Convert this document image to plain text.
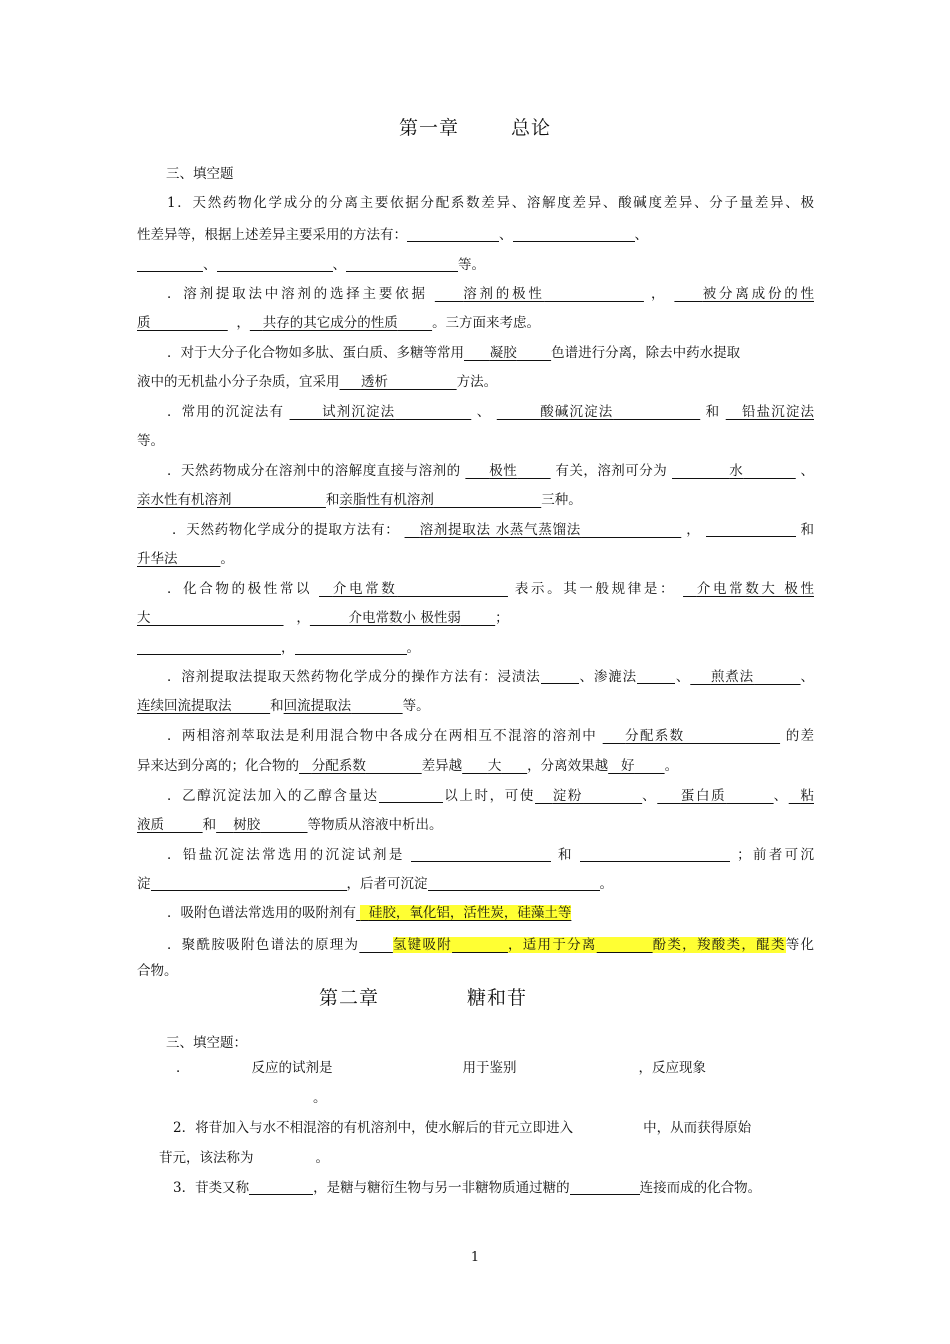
第一章	总论
三、填空题
1．天然药物化学成分的分离主要依据分配系数差异、溶解度差异、酸碱度差异、分子量差异、极
性差异等，根据上述差异主要采用的方法有：	、	、
、	、	等。
．溶剂提取法中溶剂的选择主要依据	溶剂的极性	，	被分离成份的性
质	， 共存的其它成分的性质	。三方面来考虑。
．对于大分子化合物如多肽、蛋白质、多糖等常用 凝胶	色谱进行分离，除去中药水提取
液中的无机盐小分子杂质，宜采用 透析	方法。
．常用的沉淀法有	试剂沉淀法	、	酸碱沉淀法	和 铅盐沉淀法
等。
．天然药物成分在溶剂中的溶解度直接与溶剂的 极性	有关，溶剂可分为	水	、
亲水性有机溶剂	和亲脂性有机溶剂	三种。
．天然药物化学成分的提取方法有： 溶剂提取法 水蒸气蒸馏法	，	和
升华法	。
．化合物的极性常以 介电常数	表示。其一般规律是： 介电常数大 极性
大	，	介电常数小 极性弱	；
，	。
．溶剂提取法提取天然药物化学成分的操作方法有：浸渍法	、渗漉法	、 煎煮法	、
连续回流提取法	和回流提取法	等。
．两相溶剂萃取法是利用混合物中各成分在两相互不混溶的溶剂中 分配系数	的差
异来达到分离的；化合物的 分配系数	差异越 大 ，分离效果越 好 。
．乙醇沉淀法加入的乙醇含量达	以上时，可使 淀粉	、 蛋白质	、 粘
液质	和 树胶	等物质从溶液中析出。
．铅盐沉淀法常选用的沉淀试剂是	和	；前者可沉
淀	，后者可沉淀	。
．吸附色谱法常选用的吸附剂有 硅胶，氧化铝，活性炭，硅藻土等
．聚酰胺吸附色谱法的原理为 氢键吸附	，适用于分离	酚类，羧酸类，醌类等化
合物。
第二章	糖和苷
三、填空题：
．	反应的试剂是	用于鉴别	，反应现象
。
2．将苷加入与水不相混溶的有机溶剂中，使水解后的苷元立即进入	中，从而获得原始
苷元，该法称为	。
3．苷类又称	，是糖与糖衍生物与另一非糖物质通过糖的	连接而成的化合物。
1
